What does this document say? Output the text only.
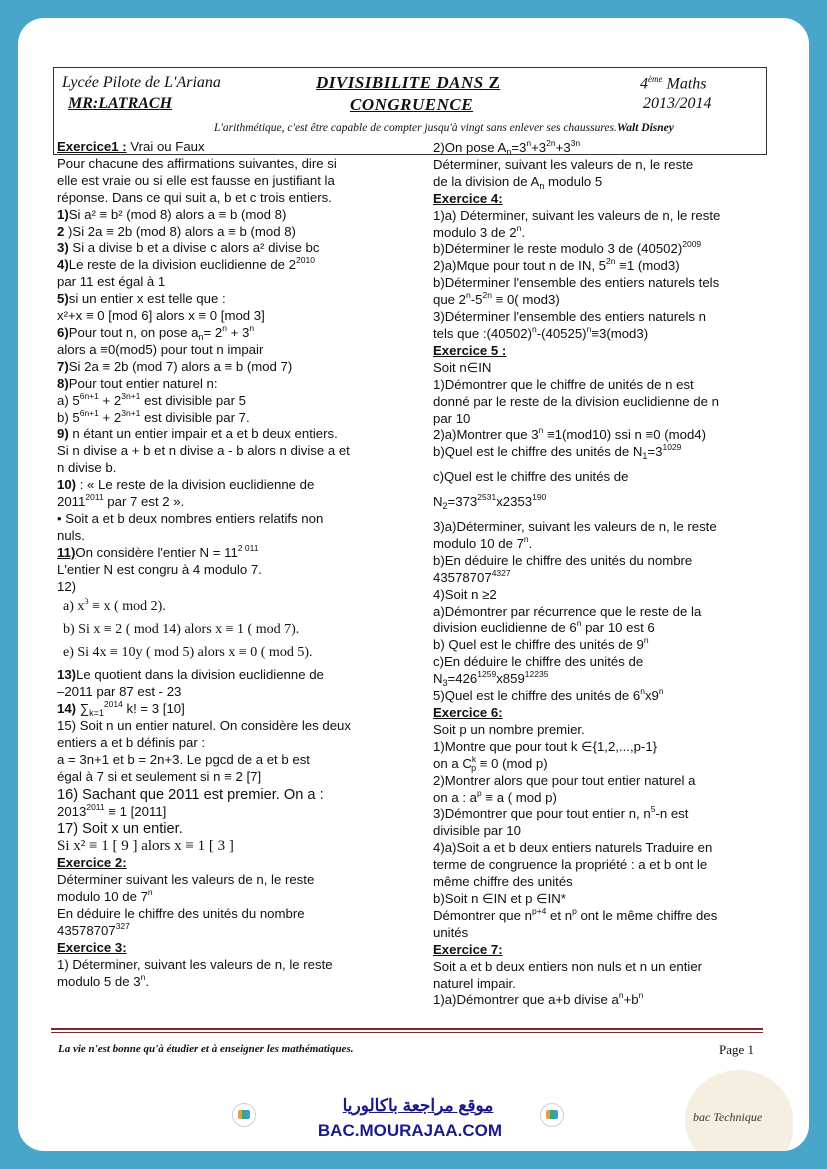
Lycée Pilote de L'Ariana
MR:LATRACH
DIVISIBILITE DANS Z
CONGRUENCE
4ème Maths
2013/2014
L'arithmétique, c'est être capable de compter jusqu'à vingt sans enlever ses chaussures.Walt Disney
Exercice1 : Vrai ou Faux
Pour chacune des affirmations suivantes, dire si
elle est vraie ou si elle est fausse en justifiant la
réponse. Dans ce qui suit a, b et c trois entiers.
1)Si a² ≡ b² (mod 8) alors a ≡ b (mod 8)
2 )Si 2a ≡ 2b (mod 8) alors a ≡ b (mod 8)
3) Si a divise b et a divise c alors a² divise bc
4)Le reste de la division euclidienne de $2^{2010}$
par 11 est égal à 1
5)si un entier x est telle que :
x²+x ≡ 0 [mod 6] alors x ≡ 0 [mod 3]
6)Pour tout n, on pose $a_n= 2^n + 3^n$
alors a ≡0(mod5) pour tout n impair
7)Si 2a ≡ 2b (mod 7) alors a ≡ b (mod 7)
8)Pour tout entier naturel n:
a) $5^{6n+1} + 2^{3n+1}$ est divisible par 5
b) $5^{6n+1} + 2^{3n+1}$ est divisible par 7.
9) n étant un entier impair et a et b deux entiers.
Si n divise a + b et n divise a - b alors n divise a et
n divise b.
10) : « Le reste de la division euclidienne de
$2011^{2011}$ par 7 est 2 ».
• Soit a et b deux nombres entiers relatifs non
nuls.
11)On considère l'entier $N = 11^{2 011}$
L'entier N est congru à 4 modulo 7.
12)
a) $x^3 \equiv x$ ( mod 2).
b) Si x ≡ 2 ( mod 14) alors x ≡ 1 ( mod 7).
e) Si 4x ≡ 10y ( mod 5) alors x ≡ 0 ( mod 5).
13)Le quotient dans la division euclidienne de
–2011 par 87 est - 23
14) $\sum_{k=1}^{2014}$ k! = 3 [10]
15) Soit n un entier naturel. On considère les deux
entiers a et b définis par :
a = 3n+1 et b = 2n+3. Le pgcd de a et b est
égal à 7 si et seulement si n ≡ 2 [7]
16) Sachant que 2011 est premier. On a :
$2013^{2011} \equiv 1$ [2011]
17) Soit x un entier.
Si x² ≡ 1 [ 9 ] alors x ≡ 1 [ 3 ]
Exercice 2:
Déterminer suivant les valeurs de n, le reste
modulo 10 de 7$^n$
En déduire le chiffre des unités du nombre
43578707$^{327}$
Exercice 3:
1) Déterminer, suivant les valeurs de n, le reste
modulo 5 de 3$^n$.
2)On pose $A_n=3^n+3^{2n}+3^{3n}$
Déterminer, suivant les valeurs de n, le reste
de la division de $A_n$ modulo 5
Exercice 4:
1)a) Déterminer, suivant les valeurs de n, le reste
modulo 3 de 2$^n$.
b)Déterminer le reste modulo 3 de $(40502)^{2009}$
2)a)Mque pour tout n de IN, $5^{2n} \equiv 1$ (mod3)
b)Déterminer l'ensemble des entiers naturels tels
que $2^n-5^{2n} \equiv 0$( mod3)
3)Déterminer l'ensemble des entiers naturels n
tels que $:(40502)^n-(40525)^n\equiv 3(mod3)$
Exercice 5 :
Soit n∈IN
1)Démontrer que le chiffre de unités de n est
donné par le reste de la division euclidienne de n
par 10
2)a)Montrer que $3^n \equiv 1(mod10)$ ssi n ≡0 (mod4)
b)Quel est le chiffre des unités de $N_1=3^{1029}$
c)Quel est le chiffre des unités de
$N_2=373^{2531}x2353^{190}$
3)a)Déterminer, suivant les valeurs de n, le reste
modulo 10 de 7$^n$.
b)En déduire le chiffre des unités du nombre
$43578707^{4327}$
4)Soit n ≥2
a)Démontrer par récurrence que le reste de la
division euclidienne de 6$^n$ par 10 est 6
b) Quel est le chiffre des unités de 9$^n$
c)En déduire le chiffre des unités de
$N_3=426^{1259}x859^{12235}$
5)Quel est le chiffre des unités de 6$^n$x9$^n$
Exercice 6:
Soit p un nombre premier.
1)Montre que pour tout k ∈{1,2,...,p-1}
on a $C^k_p \equiv 0$ (mod p)
2)Montrer alors que pour tout entier naturel a
on a : $a^p \equiv a$ ( mod p)
3)Démontrer que pour tout entier n, $n^5-n$ est
divisible par 10
4)a)Soit a et b deux entiers naturels Traduire en
terme de congruence la propriété : a et b ont le
même chiffre des unités
b)Soit n ∈IN et p ∈IN*
Démontrer que $n^{p+4}$ et $n^p$ ont le même chiffre des
unités
Exercice 7:
Soit a et b deux entiers non nuls et n un entier
naturel impair.
1)a)Démontrer que a+b divise $a^n+b^n$
La vie n'est bonne qu'à étudier et à enseigner les mathématiques.	Page 1
موقع مراجعة باكالوريا
BAC.MOURAJAA.COM
bac Technique
